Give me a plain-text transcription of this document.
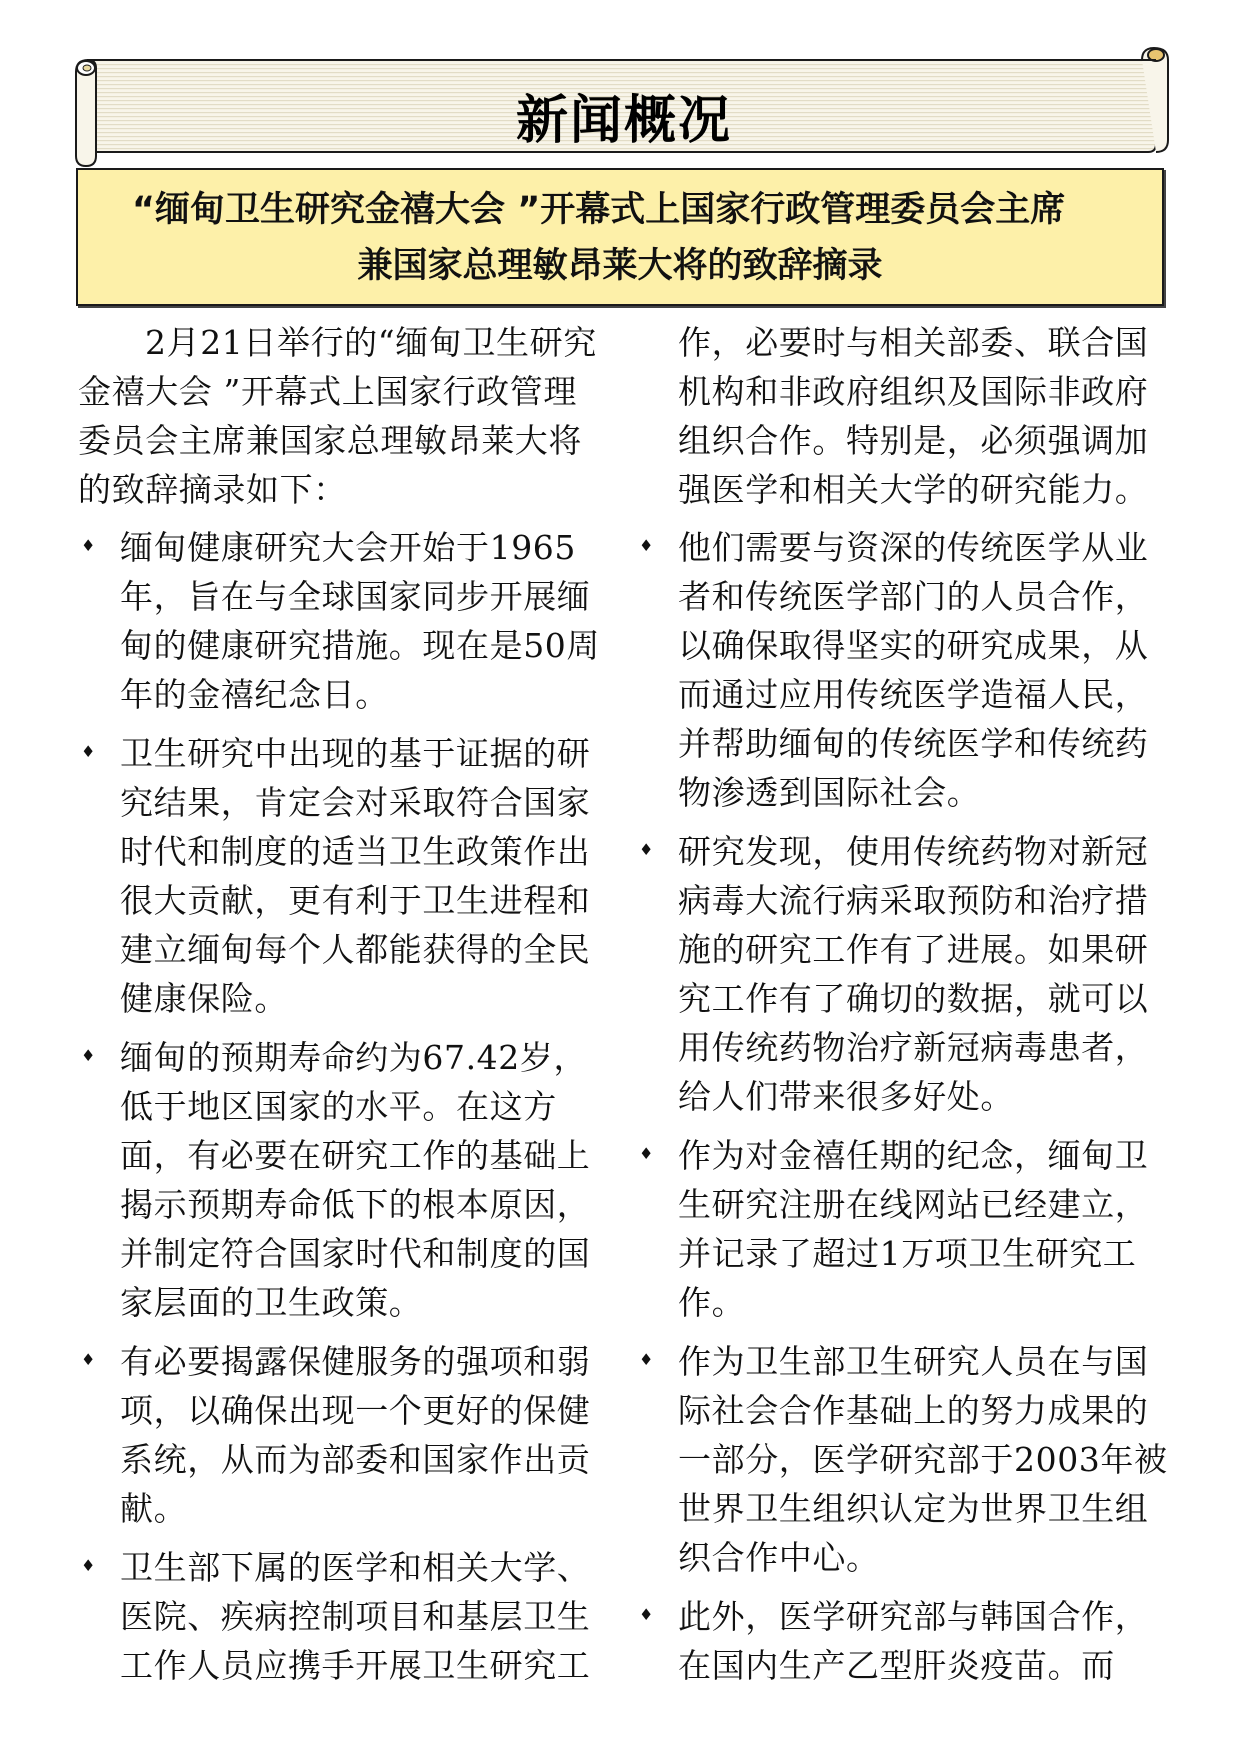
新闻概况
“缅甸卫生研究金禧大会 ”开幕式上国家行政管理委员会主席
兼国家总理敏昂莱大将的致辞摘录

2月21日举行的“缅甸卫生研究金禧大会 ”开幕式上国家行政管理委员会主席兼国家总理敏昂莱大将的致辞摘录如下：

♦ 缅甸健康研究大会开始于1965年，旨在与全球国家同步开展缅甸的健康研究措施。现在是50周年的金禧纪念日。
♦ 卫生研究中出现的基于证据的研究结果，肯定会对采取符合国家时代和制度的适当卫生政策作出很大贡献，更有利于卫生进程和建立缅甸每个人都能获得的全民健康保险。
♦ 缅甸的预期寿命约为67.42岁，低于地区国家的水平。在这方面，有必要在研究工作的基础上揭示预期寿命低下的根本原因，并制定符合国家时代和制度的国家层面的卫生政策。
♦ 有必要揭露保健服务的强项和弱项，以确保出现一个更好的保健系统，从而为部委和国家作出贡献。
♦ 卫生部下属的医学和相关大学、医院、疾病控制项目和基层卫生工作人员应携手开展卫生研究工

作，必要时与相关部委、联合国机构和非政府组织及国际非政府组织合作。特别是，必须强调加强医学和相关大学的研究能力。

♦ 他们需要与资深的传统医学从业者和传统医学部门的人员合作，以确保取得坚实的研究成果，从而通过应用传统医学造福人民，并帮助缅甸的传统医学和传统药物渗透到国际社会。
♦ 研究发现，使用传统药物对新冠病毒大流行病采取预防和治疗措施的研究工作有了进展。如果研究工作有了确切的数据，就可以用传统药物治疗新冠病毒患者，给人们带来很多好处。
♦ 作为对金禧任期的纪念，缅甸卫生研究注册在线网站已经建立，并记录了超过1万项卫生研究工作。
♦ 作为卫生部卫生研究人员在与国际社会合作基础上的努力成果的一部分，医学研究部于2003年被世界卫生组织认定为世界卫生组织合作中心。
♦ 此外，医学研究部与韩国合作，在国内生产乙型肝炎疫苗。而
